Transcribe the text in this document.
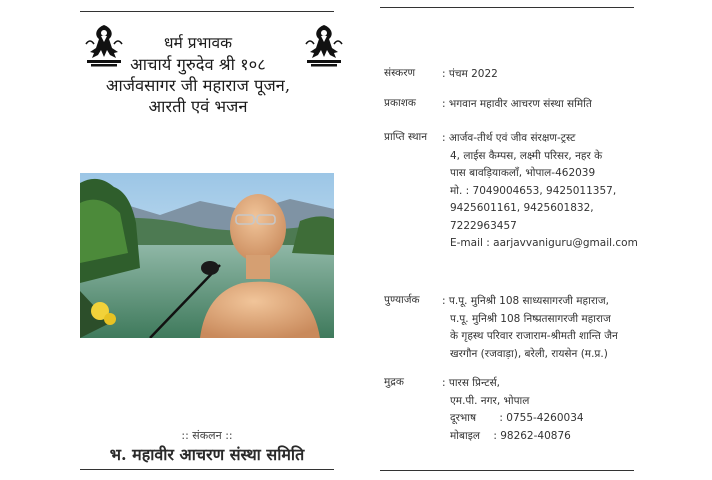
धर्म प्रभावक
आचार्य गुरुदेव श्री १०८
आर्जवसागर जी महाराज पूजन,
आरती एवं भजन
:: संकलन ::
भ. महावीर आचरण संस्था समिति
संस्करण	: पंचम 2022
प्रकाशक	: भगवान महावीर आचरण संस्था समिति
प्राप्ति स्थान	: आर्जव-तीर्थ एवं जीव संरक्षण-ट्रस्ट
4, लाईस कैम्पस, लक्ष्मी परिसर, नहर के
पास बावड़ियाकलाँ, भोपाल-462039
मो. : 7049004653, 9425011357,
9425601161, 9425601832,
7222963457
E-mail : aarjavvaniguru@gmail.com
पुण्यार्जक	: प.पू. मुनिश्री 108 साध्यसागरजी महाराज,
प.पू. मुनिश्री 108 निष्प्रतसागरजी महाराज
के गृहस्थ परिवार राजाराम-श्रीमती शान्ति जैन
खरगौन (रजवाड़ा), बरेली, रायसेन (म.प्र.)
मुद्रक	: पारस प्रिन्टर्स,
एम.पी. नगर, भोपाल
दूरभाष       : 0755-4260034
मोबाइल    : 98262-40876
